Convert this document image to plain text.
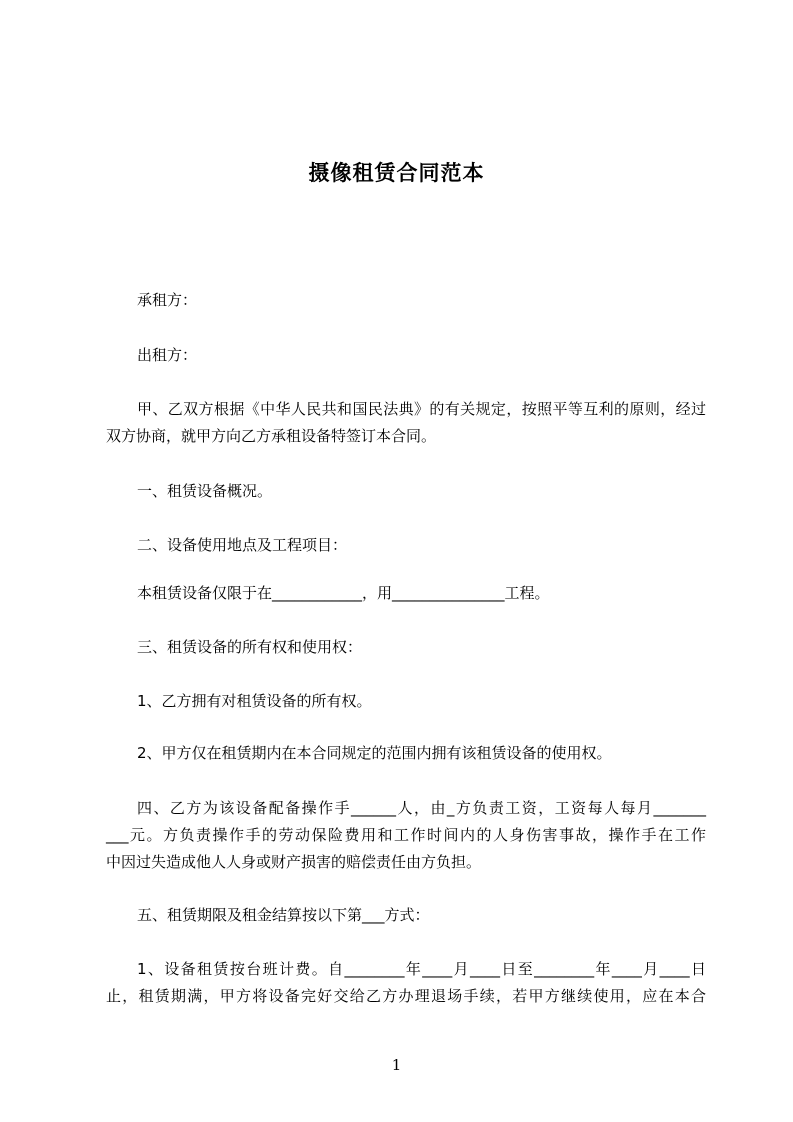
摄像租赁合同范本

承租方：

出租方：

甲、乙双方根据《中华人民共和国民法典》的有关规定，按照平等互利的原则，经过双方协商，就甲方向乙方承租设备特签订本合同。

一、租赁设备概况。

二、设备使用地点及工程项目：

本租赁设备仅限于在____________，用_______________工程。

三、租赁设备的所有权和使用权：

1、乙方拥有对租赁设备的所有权。

2、甲方仅在租赁期内在本合同规定的范围内拥有该租赁设备的使用权。

四、乙方为该设备配备操作手______人，由_方负责工资，工资每人每月_______
___元。方负责操作手的劳动保险费用和工作时间内的人身伤害事故，操作手在工作
中因过失造成他人人身或财产损害的赔偿责任由方负担。

五、租赁期限及租金结算按以下第___方式：

1、设备租赁按台班计费。自________年____月____日至________年____月____日
止，租赁期满，甲方将设备完好交给乙方办理退场手续，若甲方继续使用，应在本合
1
